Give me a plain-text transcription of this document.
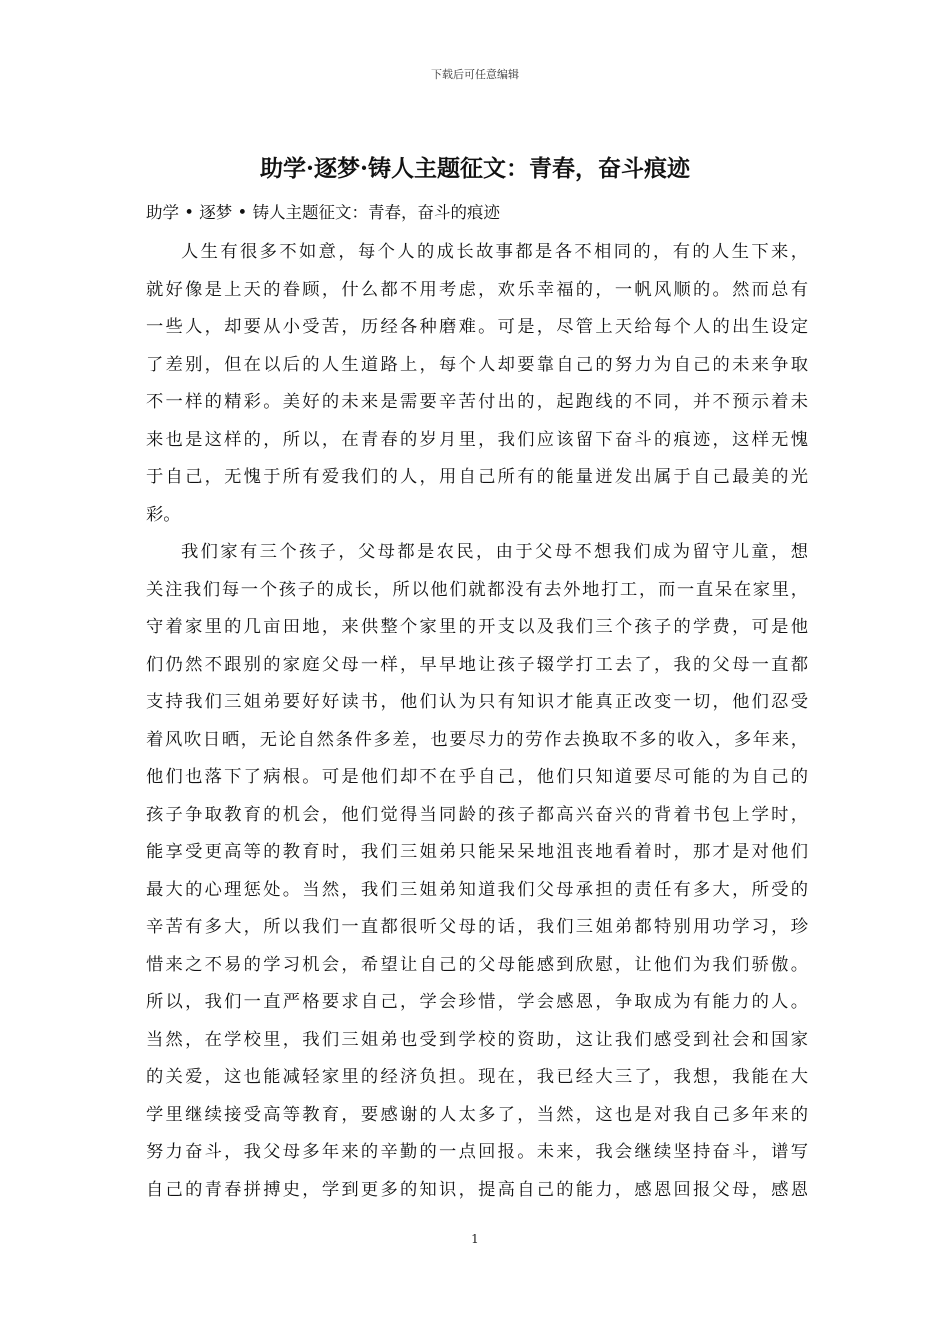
下载后可任意编辑
助学·逐梦·铸人主题征文：青春，奋斗痕迹
助学 • 逐梦 • 铸人主题征文：青春，奋斗的痕迹
人生有很多不如意，每个人的成长故事都是各不相同的，有的人生下来，
就好像是上天的眷顾，什么都不用考虑，欢乐幸福的，一帆风顺的。然而总有
一些人，却要从小受苦，历经各种磨难。可是，尽管上天给每个人的出生设定
了差别，但在以后的人生道路上，每个人却要靠自己的努力为自己的未来争取
不一样的精彩。美好的未来是需要辛苦付出的，起跑线的不同，并不预示着未
来也是这样的，所以，在青春的岁月里，我们应该留下奋斗的痕迹，这样无愧
于自己，无愧于所有爱我们的人，用自己所有的能量迸发出属于自己最美的光
彩。
我们家有三个孩子，父母都是农民，由于父母不想我们成为留守儿童，想
关注我们每一个孩子的成长，所以他们就都没有去外地打工，而一直呆在家里，
守着家里的几亩田地，来供整个家里的开支以及我们三个孩子的学费，可是他
们仍然不跟别的家庭父母一样，早早地让孩子辍学打工去了，我的父母一直都
支持我们三姐弟要好好读书，他们认为只有知识才能真正改变一切，他们忍受
着风吹日晒，无论自然条件多差，也要尽力的劳作去换取不多的收入，多年来，
他们也落下了病根。可是他们却不在乎自己，他们只知道要尽可能的为自己的
孩子争取教育的机会，他们觉得当同龄的孩子都高兴奋兴的背着书包上学时，
能享受更高等的教育时，我们三姐弟只能呆呆地沮丧地看着时，那才是对他们
最大的心理惩处。当然，我们三姐弟知道我们父母承担的责任有多大，所受的
辛苦有多大，所以我们一直都很听父母的话，我们三姐弟都特别用功学习，珍
惜来之不易的学习机会，希望让自己的父母能感到欣慰，让他们为我们骄傲。
所以，我们一直严格要求自己，学会珍惜，学会感恩，争取成为有能力的人。
当然，在学校里，我们三姐弟也受到学校的资助，这让我们感受到社会和国家
的关爱，这也能减轻家里的经济负担。现在，我已经大三了，我想，我能在大
学里继续接受高等教育，要感谢的人太多了，当然，这也是对我自己多年来的
努力奋斗，我父母多年来的辛勤的一点回报。未来，我会继续坚持奋斗，谱写
自己的青春拼搏史，学到更多的知识，提高自己的能力，感恩回报父母，感恩
1
